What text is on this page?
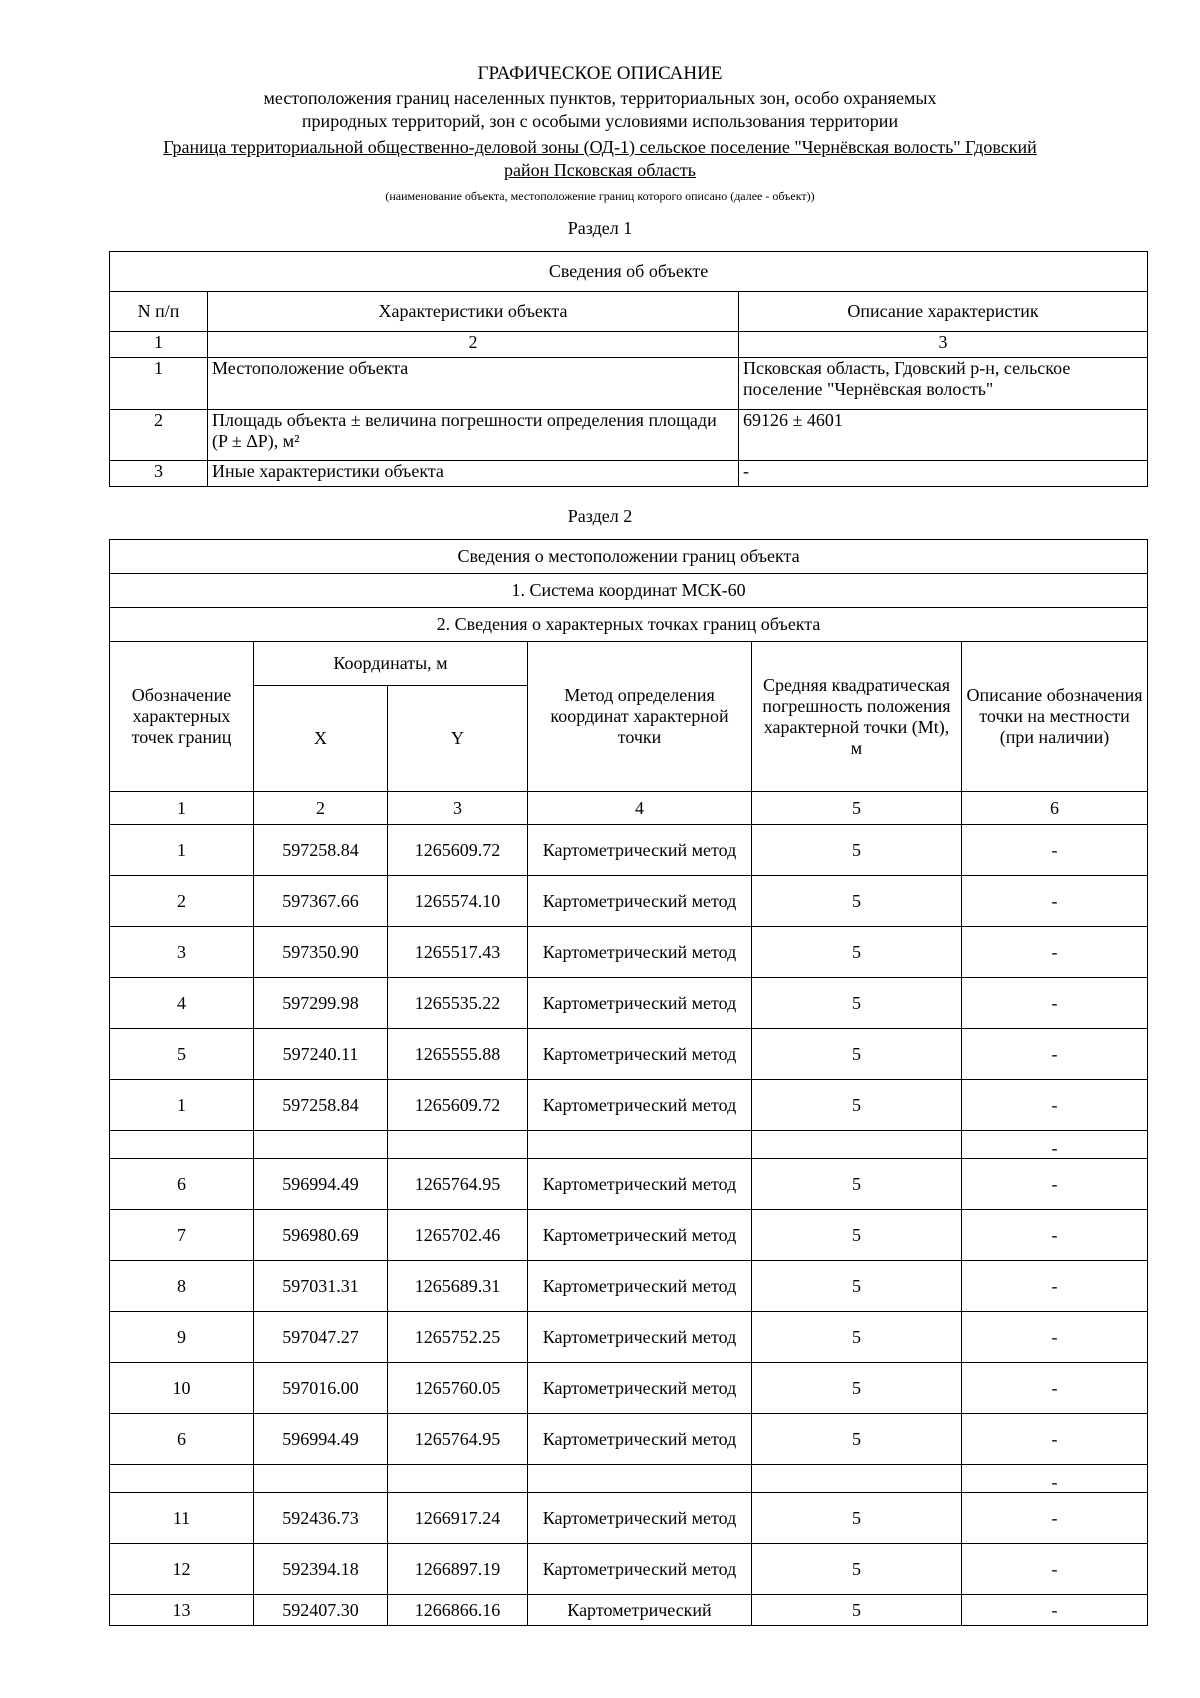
ГРАФИЧЕСКОЕ ОПИСАНИЕ
местоположения границ населенных пунктов, территориальных зон, особо охраняемых
природных территорий, зон с особыми условиями использования территории
Граница территориальной общественно-деловой зоны (ОД-1) сельское поселение "Чернёвская волость" Гдовский
район Псковская область
(наименование объекта, местоположение границ которого описано (далее - объект))
Раздел 1
Сведения об объекте		
N п/п	Характеристики объекта	Описание характеристик
1	2	3
1	Местоположение объекта	Псковская область, Гдовский р-н, сельское поселение "Чернёвская волость"
2	Площадь объекта ± величина погрешности определения площади (P ± ΔP), м²	69126 ± 4601
3	Иные характеристики объекта	-
Раздел 2
Сведения о местоположении границ объекта					
1. Система координат МСК-60					
2. Сведения о характерных точках границ объекта					
Обозначение характерных точек границ	Координаты, м		Метод определения координат характерной точки	Средняя квадратическая погрешность положения характерной точки (Mt), м	Описание обозначения точки на местности (при наличии)
	X	Y			
1	2	3	4	5	6
1	597258.84	1265609.72	Картометрический метод	5	-
2	597367.66	1265574.10	Картометрический метод	5	-
3	597350.90	1265517.43	Картометрический метод	5	-
4	597299.98	1265535.22	Картометрический метод	5	-
5	597240.11	1265555.88	Картометрический метод	5	-
1	597258.84	1265609.72	Картометрический метод	5	-
					-
6	596994.49	1265764.95	Картометрический метод	5	-
7	596980.69	1265702.46	Картометрический метод	5	-
8	597031.31	1265689.31	Картометрический метод	5	-
9	597047.27	1265752.25	Картометрический метод	5	-
10	597016.00	1265760.05	Картометрический метод	5	-
6	596994.49	1265764.95	Картометрический метод	5	-
					-
11	592436.73	1266917.24	Картометрический метод	5	-
12	592394.18	1266897.19	Картометрический метод	5	-
13	592407.30	1266866.16	Картометрический	5	-
